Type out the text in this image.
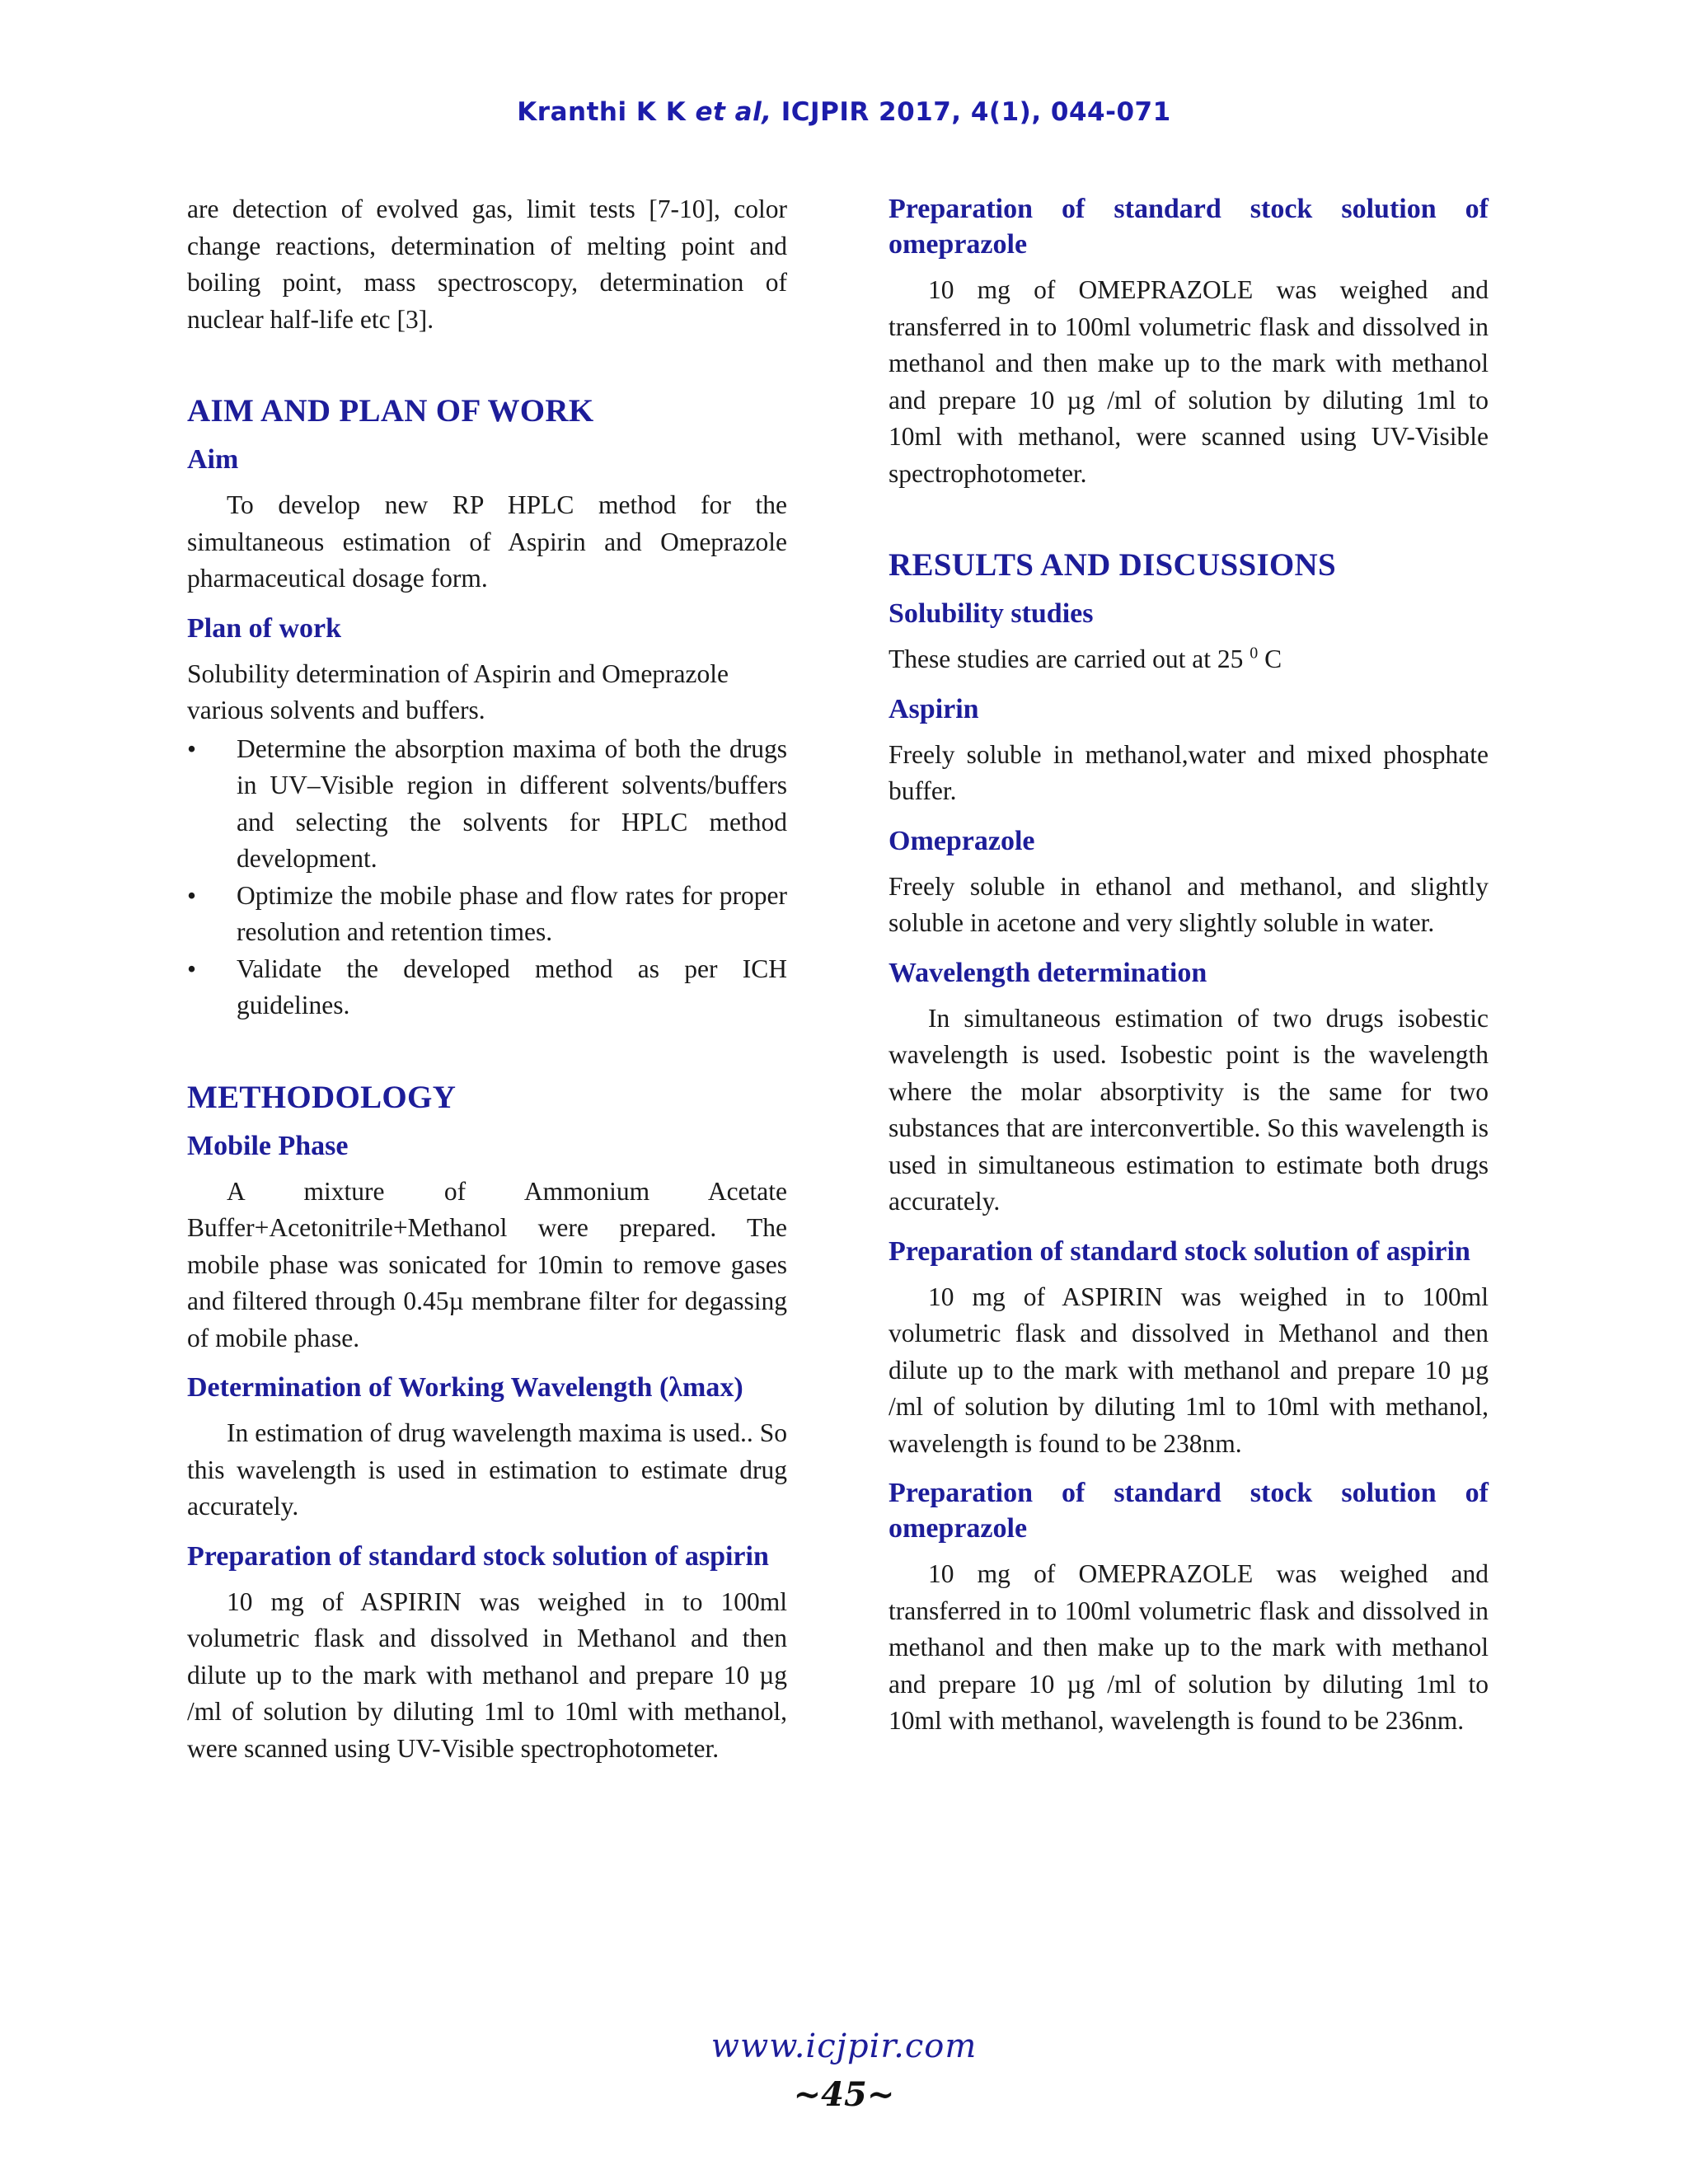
Kranthi K K et al, ICJPIR 2017, 4(1), 044-071

are detection of evolved gas, limit tests [7-10], color change reactions, determination of melting point and boiling point, mass spectroscopy, determination of nuclear half-life etc [3].

AIM AND PLAN OF WORK
Aim

To develop new RP HPLC method for the simultaneous estimation of Aspirin and Omeprazole pharmaceutical dosage form.

Plan of work

Solubility determination of Aspirin and Omeprazole various solvents and buffers.

• Determine the absorption maxima of both the drugs in UV–Visible region in different solvents/buffers and selecting the solvents for HPLC method development.
• Optimize the mobile phase and flow rates for proper resolution and retention times.
• Validate the developed method as per ICH guidelines.
METHODOLOGY
Mobile Phase

A mixture of Ammonium Acetate Buffer+Acetonitrile+Methanol were prepared. The mobile phase was sonicated for 10min to remove gases and filtered through 0.45µ membrane filter for degassing of mobile phase.

Determination of Working Wavelength (λmax)

In estimation of drug wavelength maxima is used.. So this wavelength is used in estimation to estimate drug accurately.

Preparation of standard stock solution of aspirin

10 mg of ASPIRIN was weighed in to 100ml volumetric flask and dissolved in Methanol and then dilute up to the mark with methanol and prepare 10 µg /ml of solution by diluting 1ml to 10ml with methanol, were scanned using UV-Visible spectrophotometer.

Preparation of standard stock solution of omeprazole

10 mg of OMEPRAZOLE was weighed and transferred in to 100ml volumetric flask and dissolved in methanol and then make up to the mark with methanol and prepare 10 µg /ml of solution by diluting 1ml to 10ml with methanol, were scanned using UV-Visible spectrophotometer.

RESULTS AND DISCUSSIONS
Solubility studies

These studies are carried out at 25 $^0$ C

Aspirin

Freely soluble in methanol,water and mixed phosphate buffer.

Omeprazole

Freely soluble in ethanol and methanol, and slightly soluble in acetone and very slightly soluble in water.

Wavelength determination

In simultaneous estimation of two drugs isobestic wavelength is used. Isobestic point is the wavelength where the molar absorptivity is the same for two substances that are interconvertible. So this wavelength is used in simultaneous estimation to estimate both drugs accurately.

Preparation of standard stock solution of aspirin

10 mg of ASPIRIN was weighed in to 100ml volumetric flask and dissolved in Methanol and then dilute up to the mark with methanol and prepare 10 µg /ml of solution by diluting 1ml to 10ml with methanol, wavelength is found to be 238nm.

Preparation of standard stock solution of omeprazole

10 mg of OMEPRAZOLE was weighed and transferred in to 100ml volumetric flask and dissolved in methanol and then make up to the mark with methanol and prepare 10 µg /ml of solution by diluting 1ml to 10ml with methanol, wavelength is found to be 236nm.

www.icjpir.com
~45~
